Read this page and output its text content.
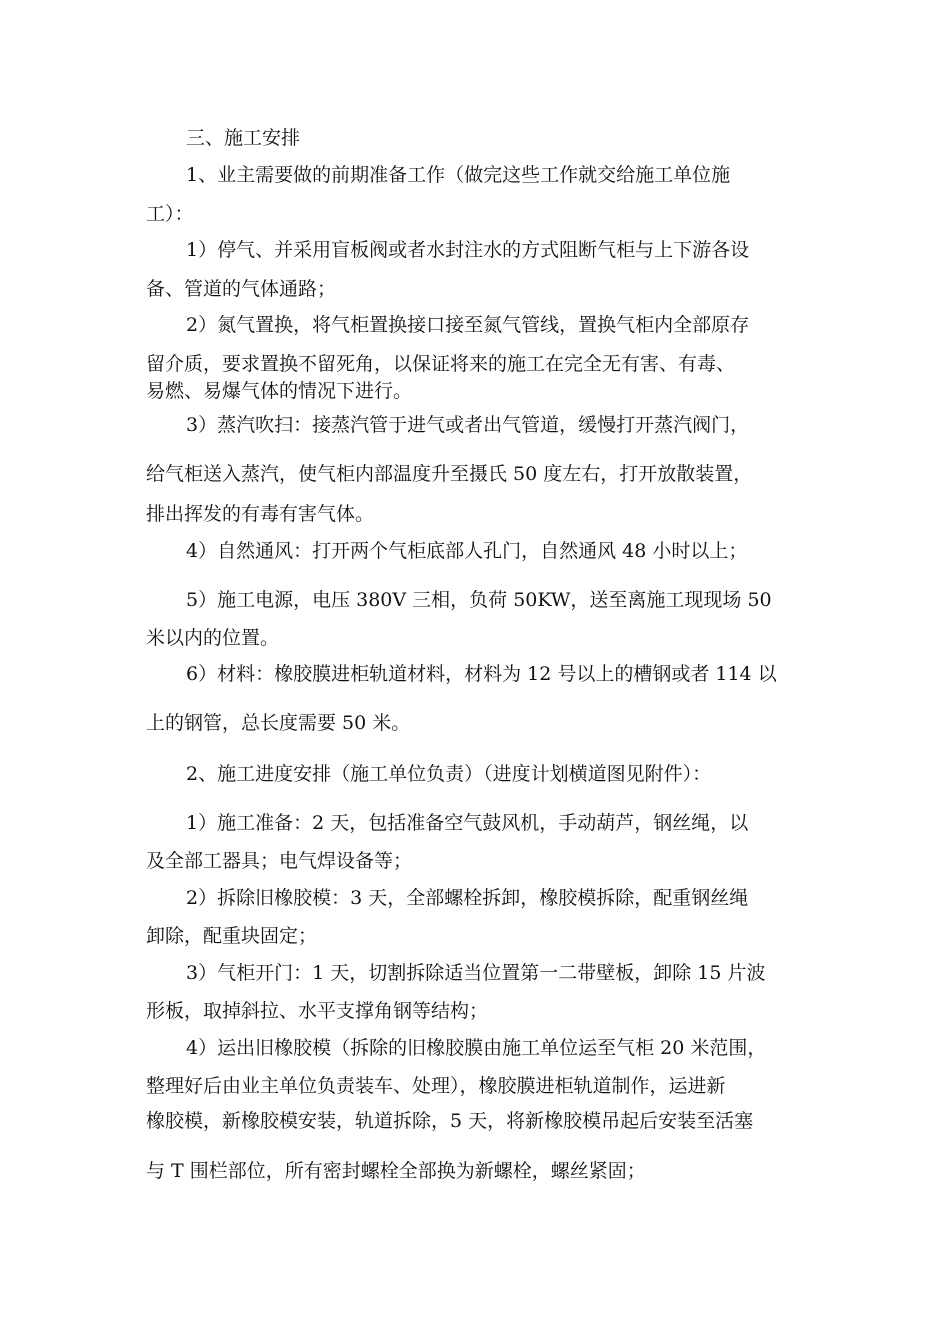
三、施工安排
1、业主需要做的前期准备工作（做完这些工作就交给施工单位施
工）：
1）停气、并采用盲板阀或者水封注水的方式阻断气柜与上下游各设
备、管道的气体通路；
2）氮气置换，将气柜置换接口接至氮气管线，置换气柜内全部原存
留介质，要求置换不留死角，以保证将来的施工在完全无有害、有毒、
易燃、易爆气体的情况下进行。
3）蒸汽吹扫：接蒸汽管于进气或者出气管道，缓慢打开蒸汽阀门，
给气柜送入蒸汽，使气柜内部温度升至摄氏 50 度左右，打开放散装置，
排出挥发的有毒有害气体。
4）自然通风：打开两个气柜底部人孔门，自然通风 48 小时以上；
5）施工电源，电压 380V 三相，负荷 50KW，送至离施工现现场 50
米以内的位置。
6）材料：橡胶膜进柜轨道材料，材料为 12 号以上的槽钢或者 114 以
上的钢管，总长度需要 50 米。
2、施工进度安排（施工单位负责）（进度计划横道图见附件）：
1）施工准备：2 天，包括准备空气鼓风机，手动葫芦，钢丝绳，以
及全部工器具；电气焊设备等；
2）拆除旧橡胶模：3 天，全部螺栓拆卸，橡胶模拆除，配重钢丝绳
卸除，配重块固定；
3）气柜开门：1 天，切割拆除适当位置第一二带壁板，卸除 15 片波
形板，取掉斜拉、水平支撑角钢等结构；
4）运出旧橡胶模（拆除的旧橡胶膜由施工单位运至气柜 20 米范围，
整理好后由业主单位负责装车、处理），橡胶膜进柜轨道制作，运进新
橡胶模，新橡胶模安装，轨道拆除，5 天，将新橡胶模吊起后安装至活塞
与 T 围栏部位，所有密封螺栓全部换为新螺栓，螺丝紧固；
